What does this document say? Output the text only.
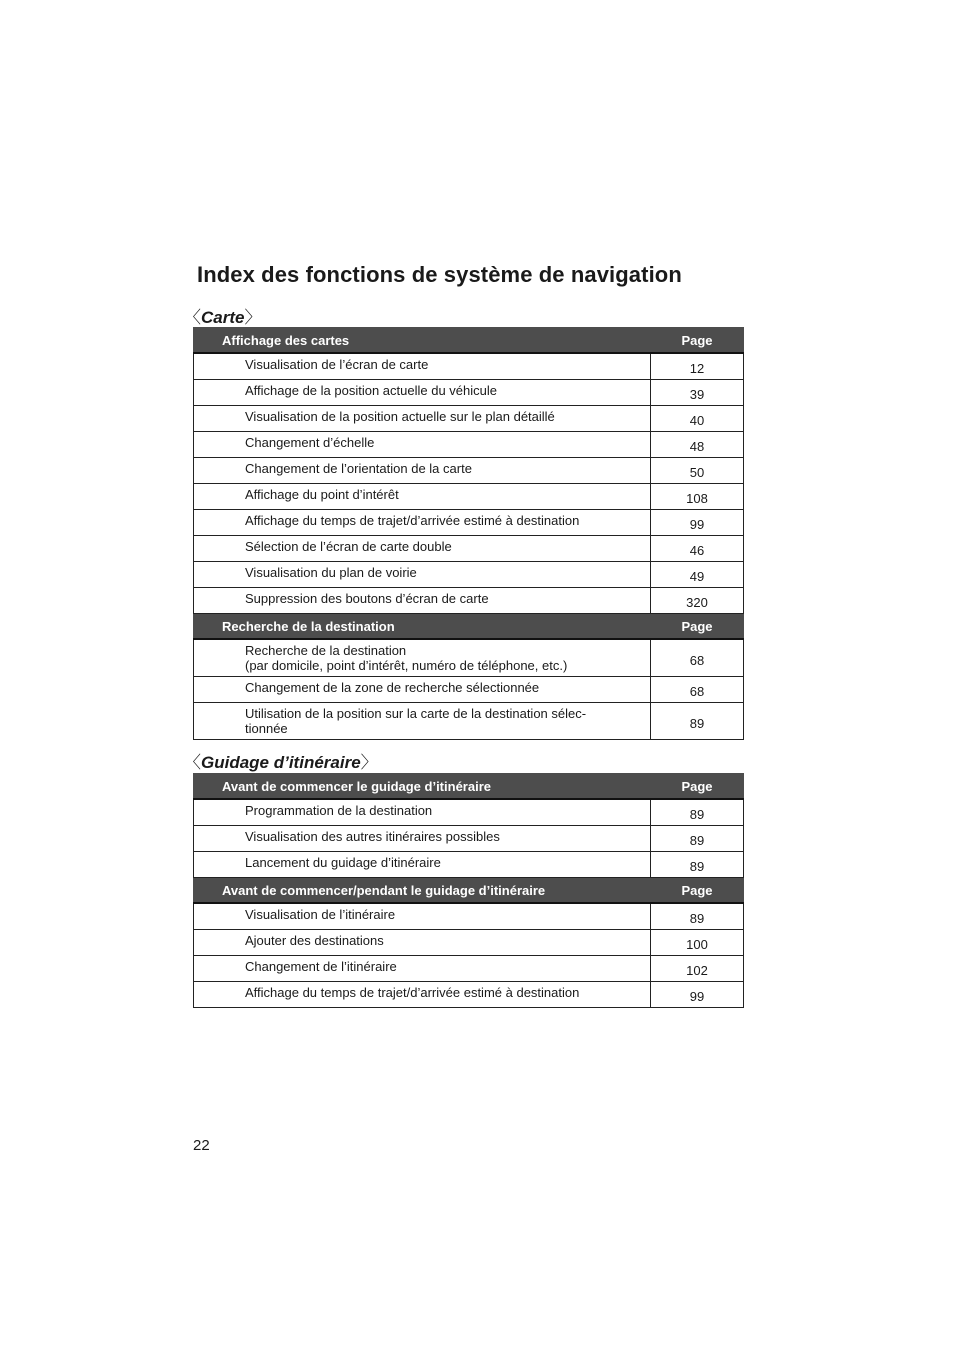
Index des fonctions de système de navigation
〈Carte〉
Affichage des cartes	Page
Visualisation de l’écran de carte	12
Affichage de la position actuelle du véhicule	39
Visualisation de la position actuelle sur le plan détaillé	40
Changement d’échelle	48
Changement de l’orientation de la carte	50
Affichage du point d’intérêt	108
Affichage du temps de trajet/d’arrivée estimé à destination	99
Sélection de l’écran de carte double	46
Visualisation du plan de voirie	49
Suppression des boutons d’écran de carte	320
Recherche de la destination	Page

Recherche de la destination
(par domicile, point d’intérêt, numéro de téléphone, etc.)	68
Changement de la zone de recherche sélectionnée	68

Utilisation de la position sur la carte de la destination sélec-
tionnée	89
〈Guidage d’itinéraire〉
Avant de commencer le guidage d’itinéraire	Page
Programmation de la destination	89
Visualisation des autres itinéraires possibles	89
Lancement du guidage d’itinéraire	89
Avant de commencer/pendant le guidage d’itinéraire	Page
Visualisation de l’itinéraire	89
Ajouter des destinations	100
Changement de l’itinéraire	102
Affichage du temps de trajet/d’arrivée estimé à destination	99
22
